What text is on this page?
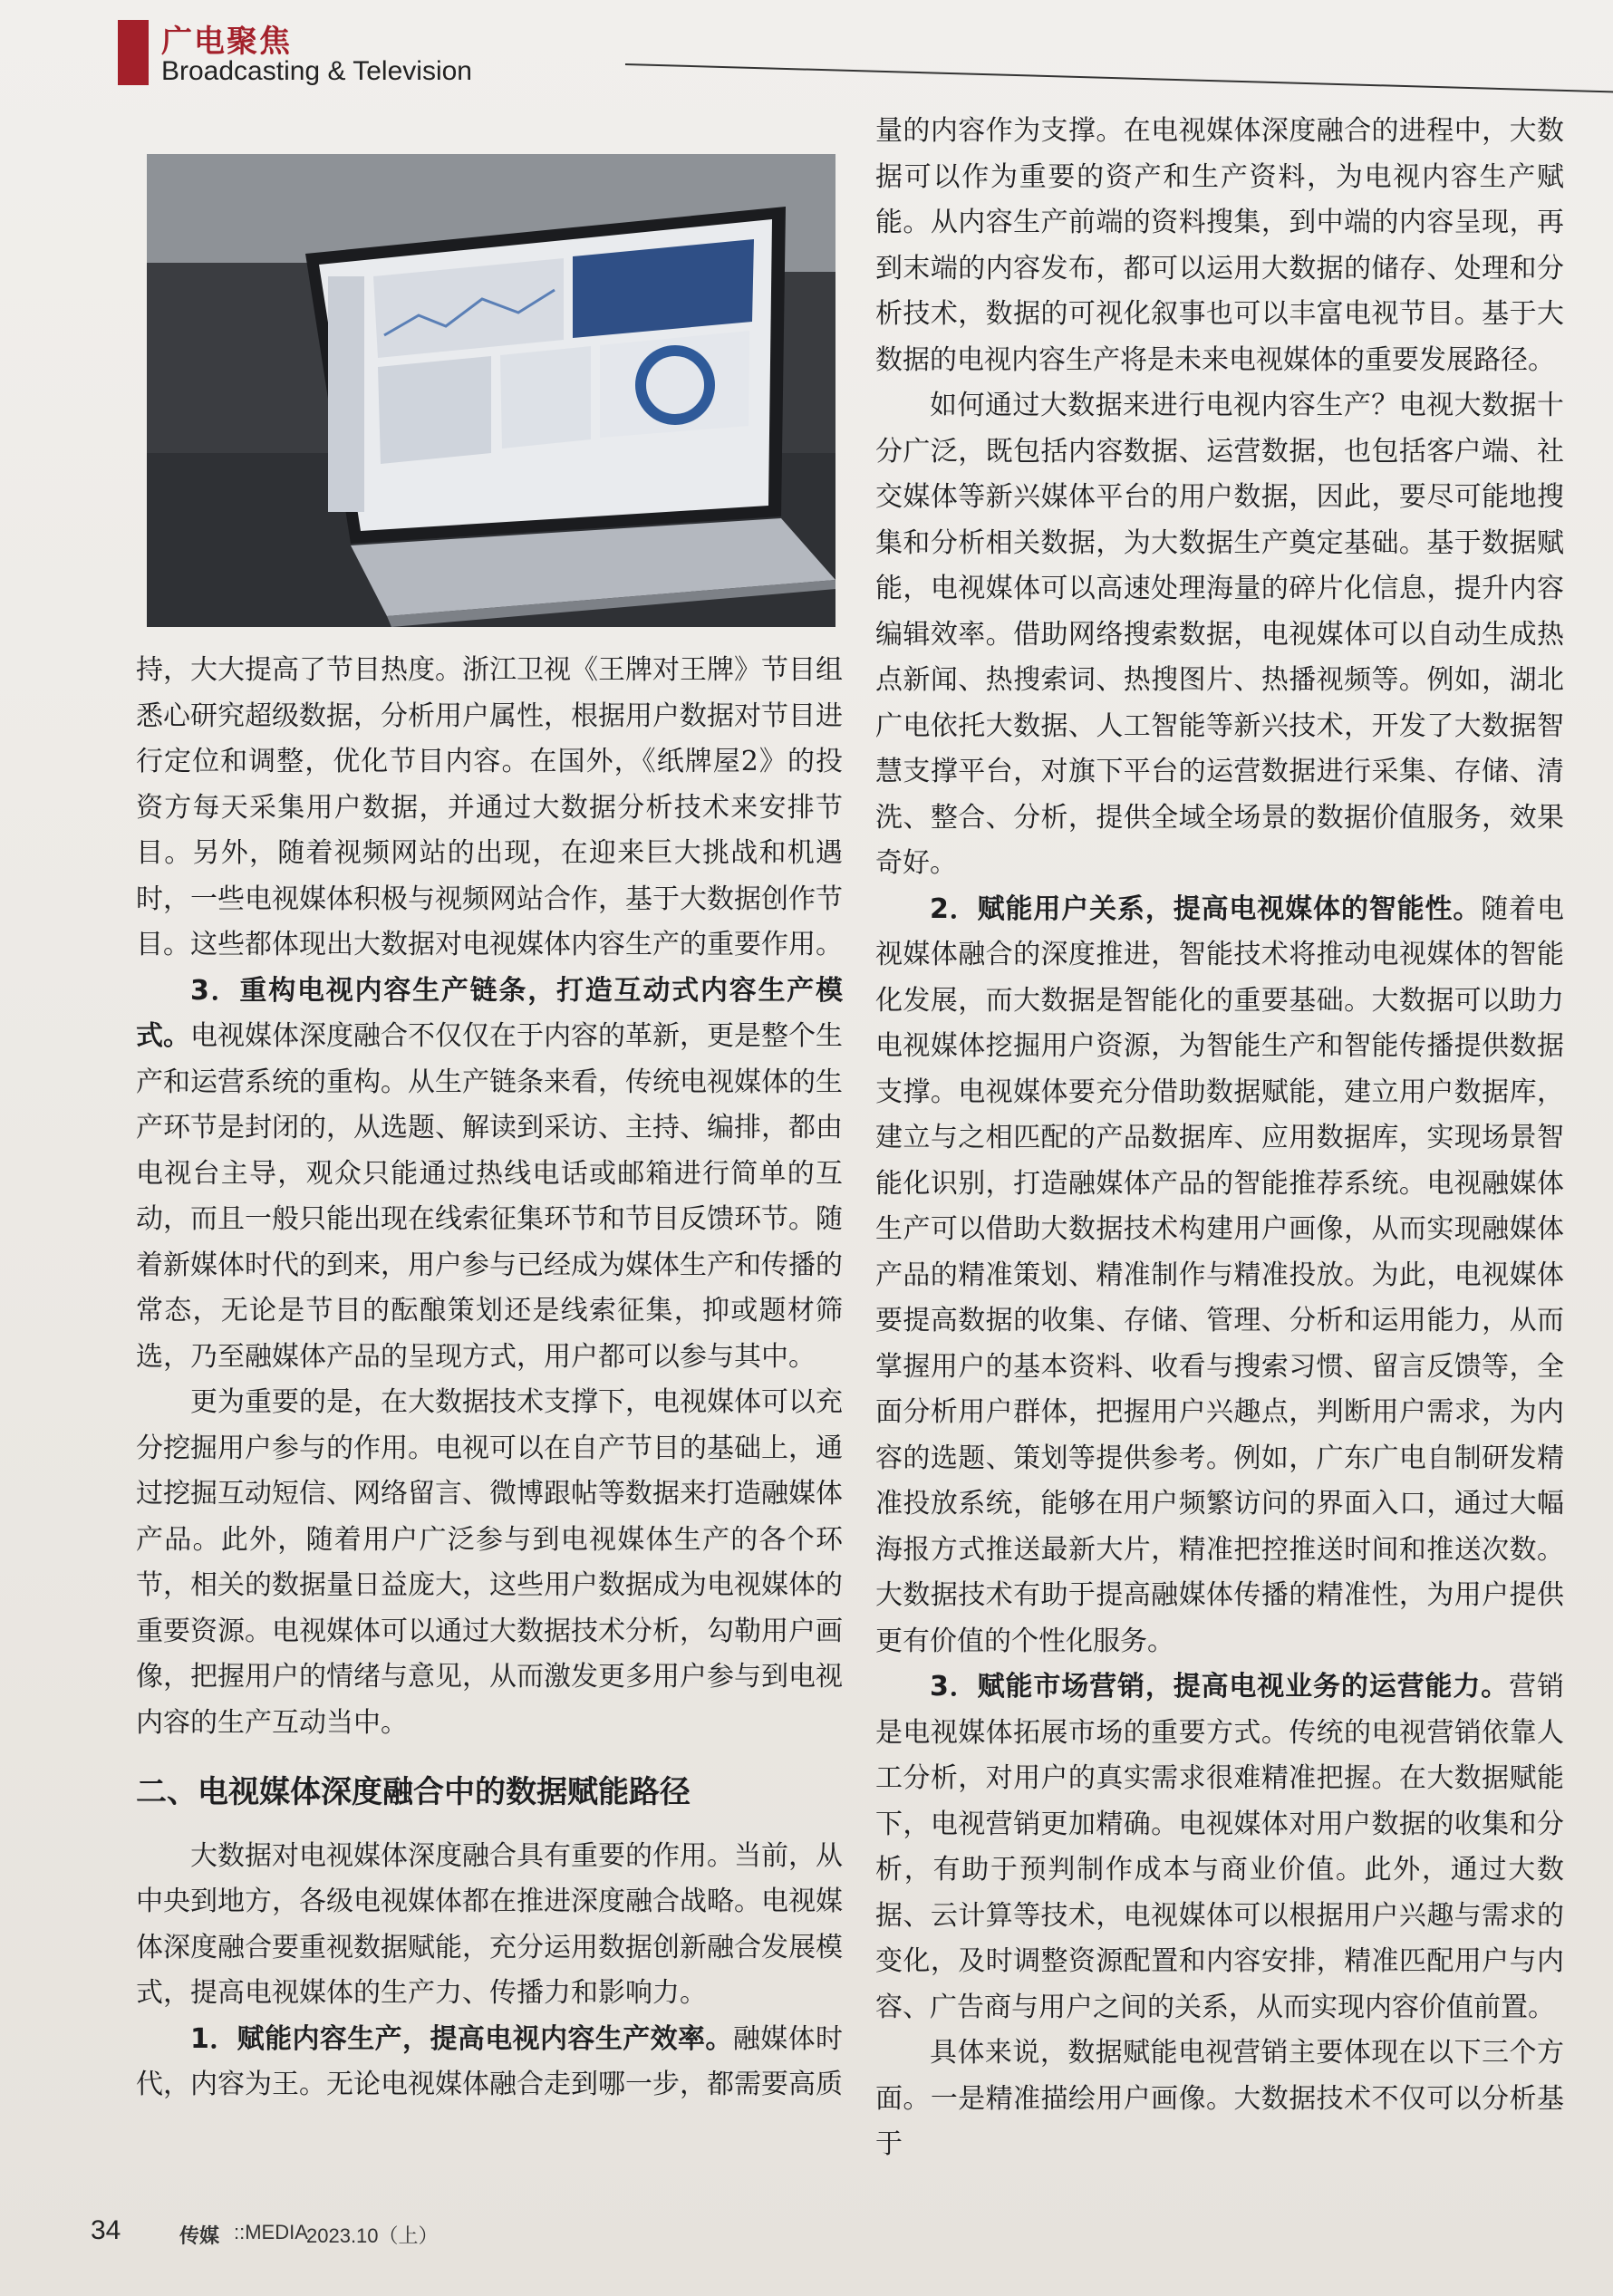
广电聚焦
Broadcasting & Television

持，大大提高了节目热度。浙江卫视《王牌对王牌》节目组悉心研究超级数据，分析用户属性，根据用户数据对节目进行定位和调整，优化节目内容。在国外，《纸牌屋2》的投资方每天采集用户数据，并通过大数据分析技术来安排节目。另外，随着视频网站的出现，在迎来巨大挑战和机遇时，一些电视媒体积极与视频网站合作，基于大数据创作节目。这些都体现出大数据对电视媒体内容生产的重要作用。

3．重构电视内容生产链条，打造互动式内容生产模式。电视媒体深度融合不仅仅在于内容的革新，更是整个生产和运营系统的重构。从生产链条来看，传统电视媒体的生产环节是封闭的，从选题、解读到采访、主持、编排，都由电视台主导，观众只能通过热线电话或邮箱进行简单的互动，而且一般只能出现在线索征集环节和节目反馈环节。随着新媒体时代的到来，用户参与已经成为媒体生产和传播的常态，无论是节目的酝酿策划还是线索征集，抑或题材筛选，乃至融媒体产品的呈现方式，用户都可以参与其中。

更为重要的是，在大数据技术支撑下，电视媒体可以充分挖掘用户参与的作用。电视可以在自产节目的基础上，通过挖掘互动短信、网络留言、微博跟帖等数据来打造融媒体产品。此外，随着用户广泛参与到电视媒体生产的各个环节，相关的数据量日益庞大，这些用户数据成为电视媒体的重要资源。电视媒体可以通过大数据技术分析，勾勒用户画像，把握用户的情绪与意见，从而激发更多用户参与到电视内容的生产互动当中。

二、电视媒体深度融合中的数据赋能路径

大数据对电视媒体深度融合具有重要的作用。当前，从中央到地方，各级电视媒体都在推进深度融合战略。电视媒体深度融合要重视数据赋能，充分运用数据创新融合发展模式，提高电视媒体的生产力、传播力和影响力。

1．赋能内容生产，提高电视内容生产效率。融媒体时代，内容为王。无论电视媒体融合走到哪一步，都需要高质

量的内容作为支撑。在电视媒体深度融合的进程中，大数据可以作为重要的资产和生产资料，为电视内容生产赋能。从内容生产前端的资料搜集，到中端的内容呈现，再到末端的内容发布，都可以运用大数据的储存、处理和分析技术，数据的可视化叙事也可以丰富电视节目。基于大数据的电视内容生产将是未来电视媒体的重要发展路径。

如何通过大数据来进行电视内容生产？电视大数据十分广泛，既包括内容数据、运营数据，也包括客户端、社交媒体等新兴媒体平台的用户数据，因此，要尽可能地搜集和分析相关数据，为大数据生产奠定基础。基于数据赋能，电视媒体可以高速处理海量的碎片化信息，提升内容编辑效率。借助网络搜索数据，电视媒体可以自动生成热点新闻、热搜索词、热搜图片、热播视频等。例如，湖北广电依托大数据、人工智能等新兴技术，开发了大数据智慧支撑平台，对旗下平台的运营数据进行采集、存储、清洗、整合、分析，提供全域全场景的数据价值服务，效果奇好。

2．赋能用户关系，提高电视媒体的智能性。随着电视媒体融合的深度推进，智能技术将推动电视媒体的智能化发展，而大数据是智能化的重要基础。大数据可以助力电视媒体挖掘用户资源，为智能生产和智能传播提供数据支撑。电视媒体要充分借助数据赋能，建立用户数据库，建立与之相匹配的产品数据库、应用数据库，实现场景智能化识别，打造融媒体产品的智能推荐系统。电视融媒体生产可以借助大数据技术构建用户画像，从而实现融媒体产品的精准策划、精准制作与精准投放。为此，电视媒体要提高数据的收集、存储、管理、分析和运用能力，从而掌握用户的基本资料、收看与搜索习惯、留言反馈等，全面分析用户群体，把握用户兴趣点，判断用户需求，为内容的选题、策划等提供参考。例如，广东广电自制研发精准投放系统，能够在用户频繁访问的界面入口，通过大幅海报方式推送最新大片，精准把控推送时间和推送次数。大数据技术有助于提高融媒体传播的精准性，为用户提供更有价值的个性化服务。

3．赋能市场营销，提高电视业务的运营能力。营销是电视媒体拓展市场的重要方式。传统的电视营销依靠人工分析，对用户的真实需求很难精准把握。在大数据赋能下，电视营销更加精确。电视媒体对用户数据的收集和分析，有助于预判制作成本与商业价值。此外，通过大数据、云计算等技术，电视媒体可以根据用户兴趣与需求的变化，及时调整资源配置和内容安排，精准匹配用户与内容、广告商与用户之间的关系，从而实现内容价值前置。

具体来说，数据赋能电视营销主要体现在以下三个方面。一是精准描绘用户画像。大数据技术不仅可以分析基于

34	传媒 ::MEDIA
2023.10（上）
